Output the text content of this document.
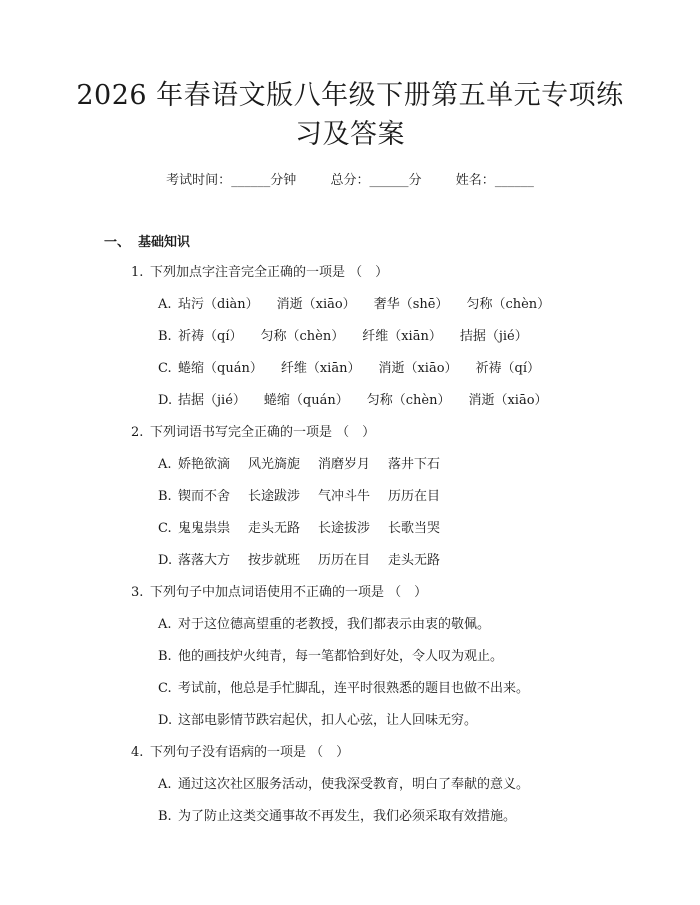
2026 年春语文版八年级下册第五单元专项练
习及答案
考试时间：______分钟	总分：______分	姓名：______
一、 基础知识
1. 下列加点字注音完全正确的一项是 （　）
A. 玷污（diàn） 消逝（xiāo） 奢华（shē） 匀称（chèn）
B. 祈祷（qí） 匀称（chèn） 纤维（xiān） 拮据（jié）
C. 蜷缩（quán） 纤维（xiān） 消逝（xiāo） 祈祷（qí）
D. 拮据（jié） 蜷缩（quán） 匀称（chèn） 消逝（xiāo）
2. 下列词语书写完全正确的一项是 （　）
A. 娇艳欲滴 风光旖旎 消磨岁月 落井下石
B. 锲而不舍 长途跋涉 气冲斗牛 历历在目
C. 鬼鬼祟祟 走头无路 长途拔涉 长歌当哭
D. 落落大方 按步就班 历历在目 走头无路
3. 下列句子中加点词语使用不正确的一项是 （　）
A. 对于这位德高望重的老教授，我们都表示由衷的敬佩。
B. 他的画技炉火纯青，每一笔都恰到好处，令人叹为观止。
C. 考试前，他总是手忙脚乱，连平时很熟悉的题目也做不出来。
D. 这部电影情节跌宕起伏，扣人心弦，让人回味无穷。
4. 下列句子没有语病的一项是 （　）
A. 通过这次社区服务活动，使我深受教育，明白了奉献的意义。
B. 为了防止这类交通事故不再发生，我们必须采取有效措施。
